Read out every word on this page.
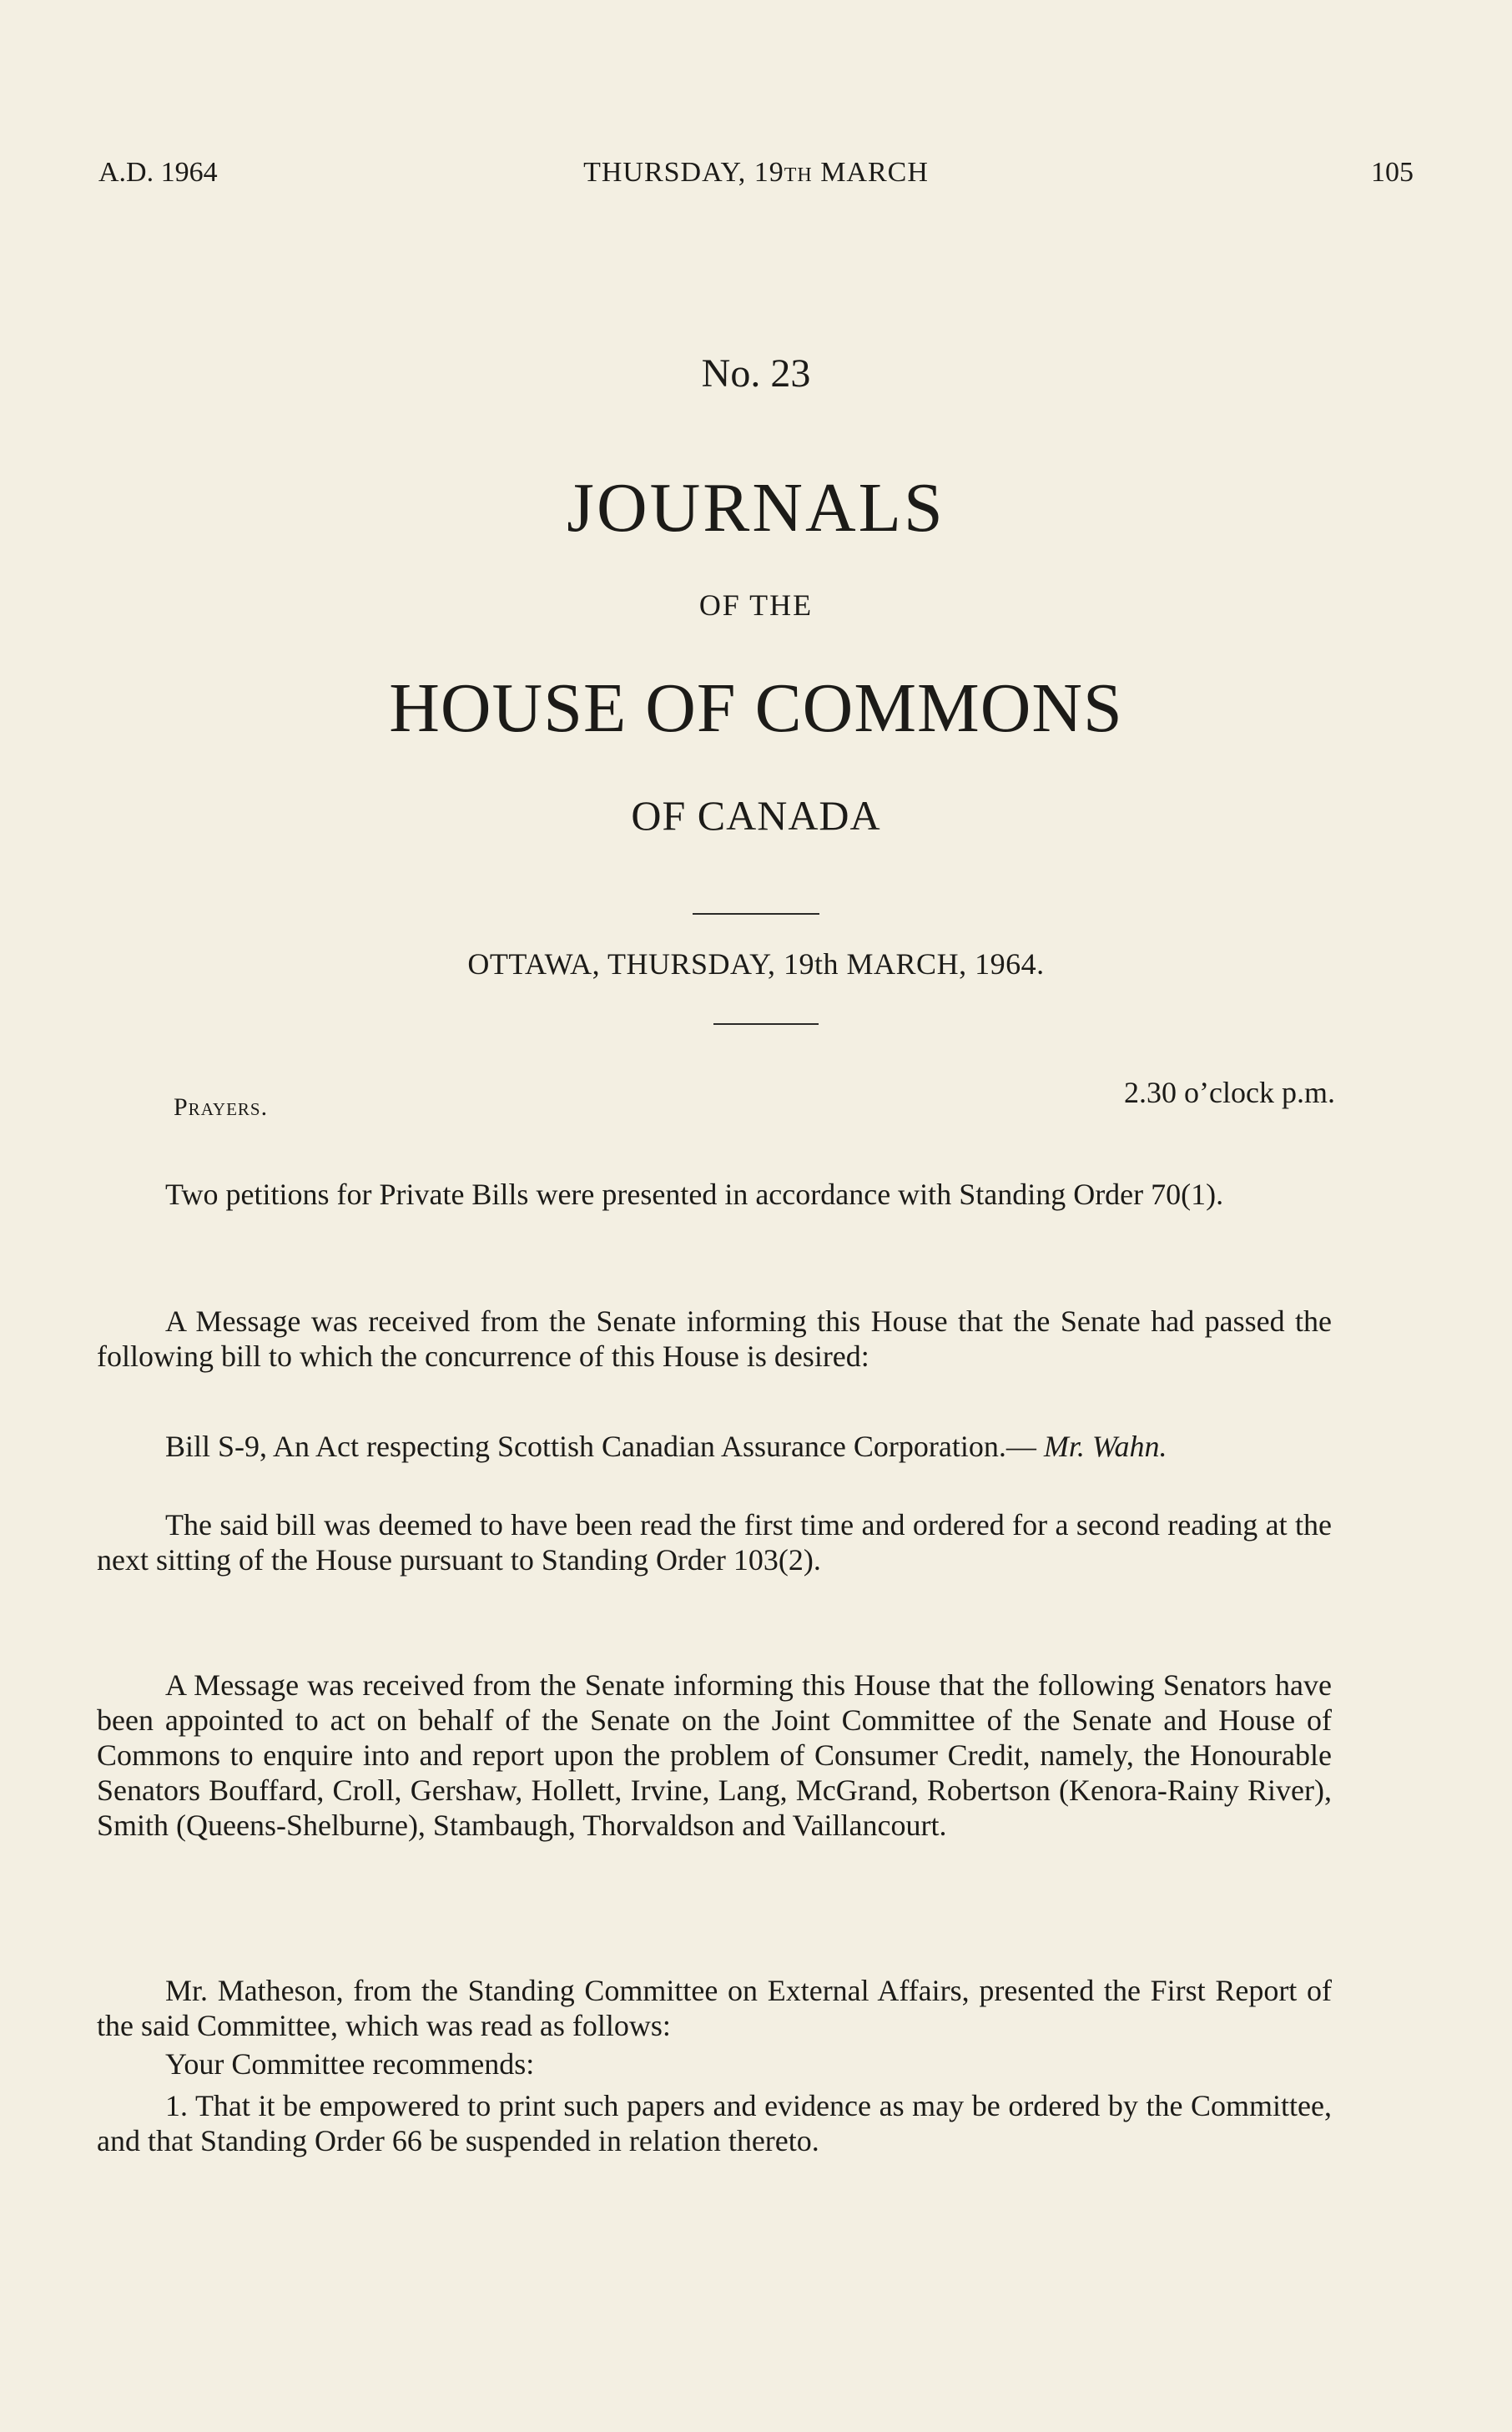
A.D. 1964	THURSDAY, 19TH MARCH	105
No. 23
JOURNALS
OF THE
HOUSE OF COMMONS
OF CANADA
OTTAWA, THURSDAY, 19th MARCH, 1964.
Prayers.	2.30 o’clock p.m.

Two petitions for Private Bills were presented in accordance with Standing Order 70(1).

A Message was received from the Senate informing this House that the Senate had passed the following bill to which the concurrence of this House is desired:

Bill S-9, An Act respecting Scottish Canadian Assurance Corporation.— Mr. Wahn.

The said bill was deemed to have been read the first time and ordered for a second reading at the next sitting of the House pursuant to Standing Order 103(2).

A Message was received from the Senate informing this House that the following Senators have been appointed to act on behalf of the Senate on the Joint Committee of the Senate and House of Commons to enquire into and report upon the problem of Consumer Credit, namely, the Honourable Senators Bouffard, Croll, Gershaw, Hollett, Irvine, Lang, McGrand, Robertson (Kenora-Rainy River), Smith (Queens-Shelburne), Stambaugh, Thorvaldson and Vaillancourt.

Mr. Matheson, from the Standing Committee on External Affairs, presented the First Report of the said Committee, which was read as follows:

Your Committee recommends:

1. That it be empowered to print such papers and evidence as may be ordered by the Committee, and that Standing Order 66 be suspended in relation thereto.
